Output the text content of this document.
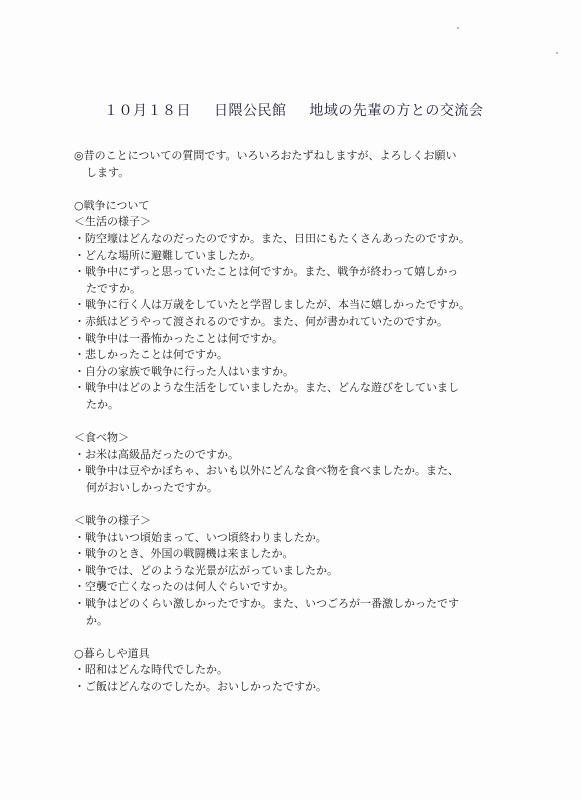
１０月１８日 日隈公民館 地域の先輩の方との交流会
◎昔のことについての質問です。いろいろおたずねしますが、よろしくお願い
します。
○戦争について
＜生活の様子＞
・防空壕はどんなのだったのですか。また、日田にもたくさんあったのですか。
・どんな場所に避難していましたか。
・戦争中にずっと思っていたことは何ですか。また、戦争が終わって嬉しかっ
たですか。
・戦争に行く人は万歳をしていたと学習しましたが、本当に嬉しかったですか。
・赤紙はどうやって渡されるのですか。また、何が書かれていたのですか。
・戦争中は一番怖かったことは何ですか。
・悲しかったことは何ですか。
・自分の家族で戦争に行った人はいますか。
・戦争中はどのような生活をしていましたか。また、どんな遊びをしていまし
たか。
＜食べ物＞
・お米は高級品だったのですか。
・戦争中は豆やかぼちゃ、おいも以外にどんな食べ物を食べましたか。また、
何がおいしかったですか。
＜戦争の様子＞
・戦争はいつ頃始まって、いつ頃終わりましたか。
・戦争のとき、外国の戦闘機は来ましたか。
・戦争では、どのような光景が広がっていましたか。
・空襲で亡くなったのは何人ぐらいですか。
・戦争はどのくらい激しかったですか。また、いつごろが一番激しかったです
か。
○暮らしや道具
・昭和はどんな時代でしたか。
・ご飯はどんなのでしたか。おいしかったですか。
